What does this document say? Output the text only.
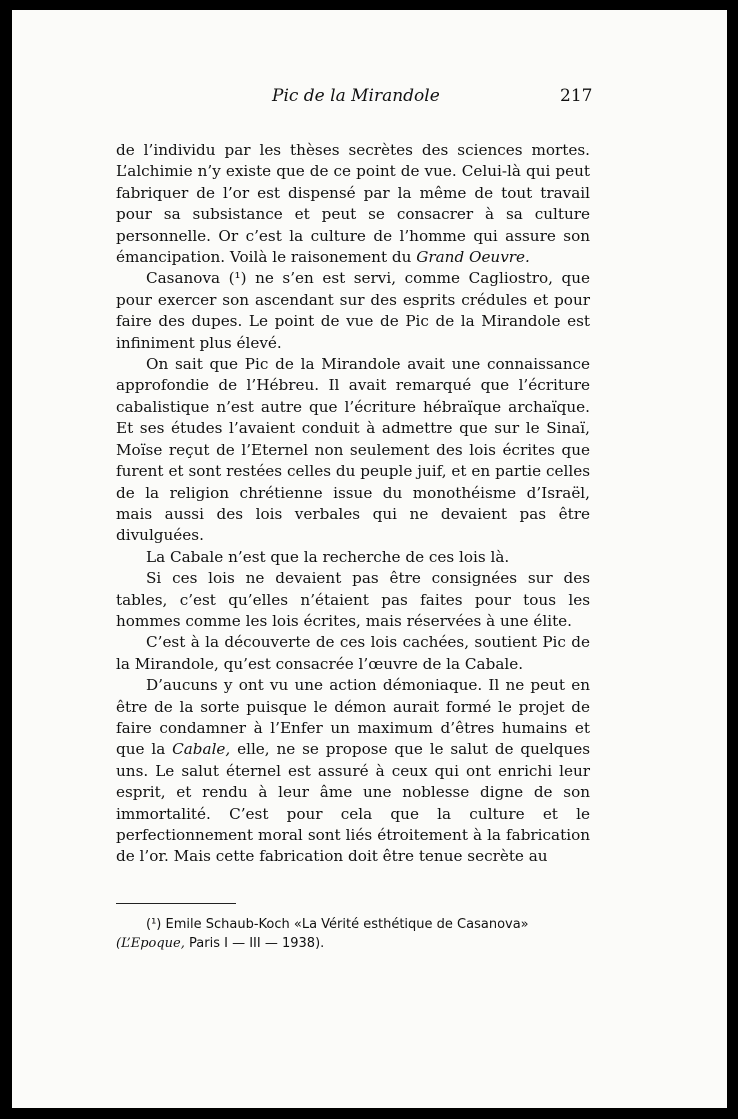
Pic de la Mirandole	217

de l’individu par les thèses secrètes des sciences mortes. L’alchimie n’y existe que de ce point de vue. Celui-là qui peut fabriquer de l’or est dispensé par la même de tout travail pour sa subsistance et peut se consacrer à sa culture personnelle. Or c’est la culture de l’homme qui assure son émancipation. Voilà le raisonement du Grand Oeuvre.

Casanova (¹) ne s’en est servi, comme Cagliostro, que pour exercer son ascendant sur des esprits crédules et pour faire des dupes. Le point de vue de Pic de la Mirandole est infiniment plus élevé.

On sait que Pic de la Mirandole avait une connaissance approfondie de l’Hébreu. Il avait remarqué que l’écriture cabalistique n’est autre que l’écriture hébraïque archaïque. Et ses études l’avaient conduit à admettre que sur le Sinaï, Moïse reçut de l’Eternel non seulement des lois écrites que furent et sont restées celles du peuple juif, et en partie celles de la religion chrétienne issue du monothéisme d’Israël, mais aussi des lois verbales qui ne devaient pas être divulguées.

La Cabale n’est que la recherche de ces lois là.

Si ces lois ne devaient pas être consignées sur des tables, c’est qu’elles n’étaient pas faites pour tous les hommes comme les lois écrites, mais réservées à une élite.

C’est à la découverte de ces lois cachées, soutient Pic de la Mirandole, qu’est consacrée l’œuvre de la Cabale.

D’aucuns y ont vu une action démoniaque. Il ne peut en être de la sorte puisque le démon aurait formé le projet de faire condamner à l’Enfer un maximum d’êtres humains et que la Cabale, elle, ne se propose que le salut de quelques uns. Le salut éternel est assuré à ceux qui ont enrichi leur esprit, et rendu à leur âme une noblesse digne de son immortalité. C’est pour cela que la culture et le perfectionnement moral sont liés étroitement à la fabrication de l’or. Mais cette fabrication doit être tenue secrète au

(¹) Emile Schaub-Koch «La Vérité esthétique de Casanova» (L’Epoque, Paris I — III — 1938).
